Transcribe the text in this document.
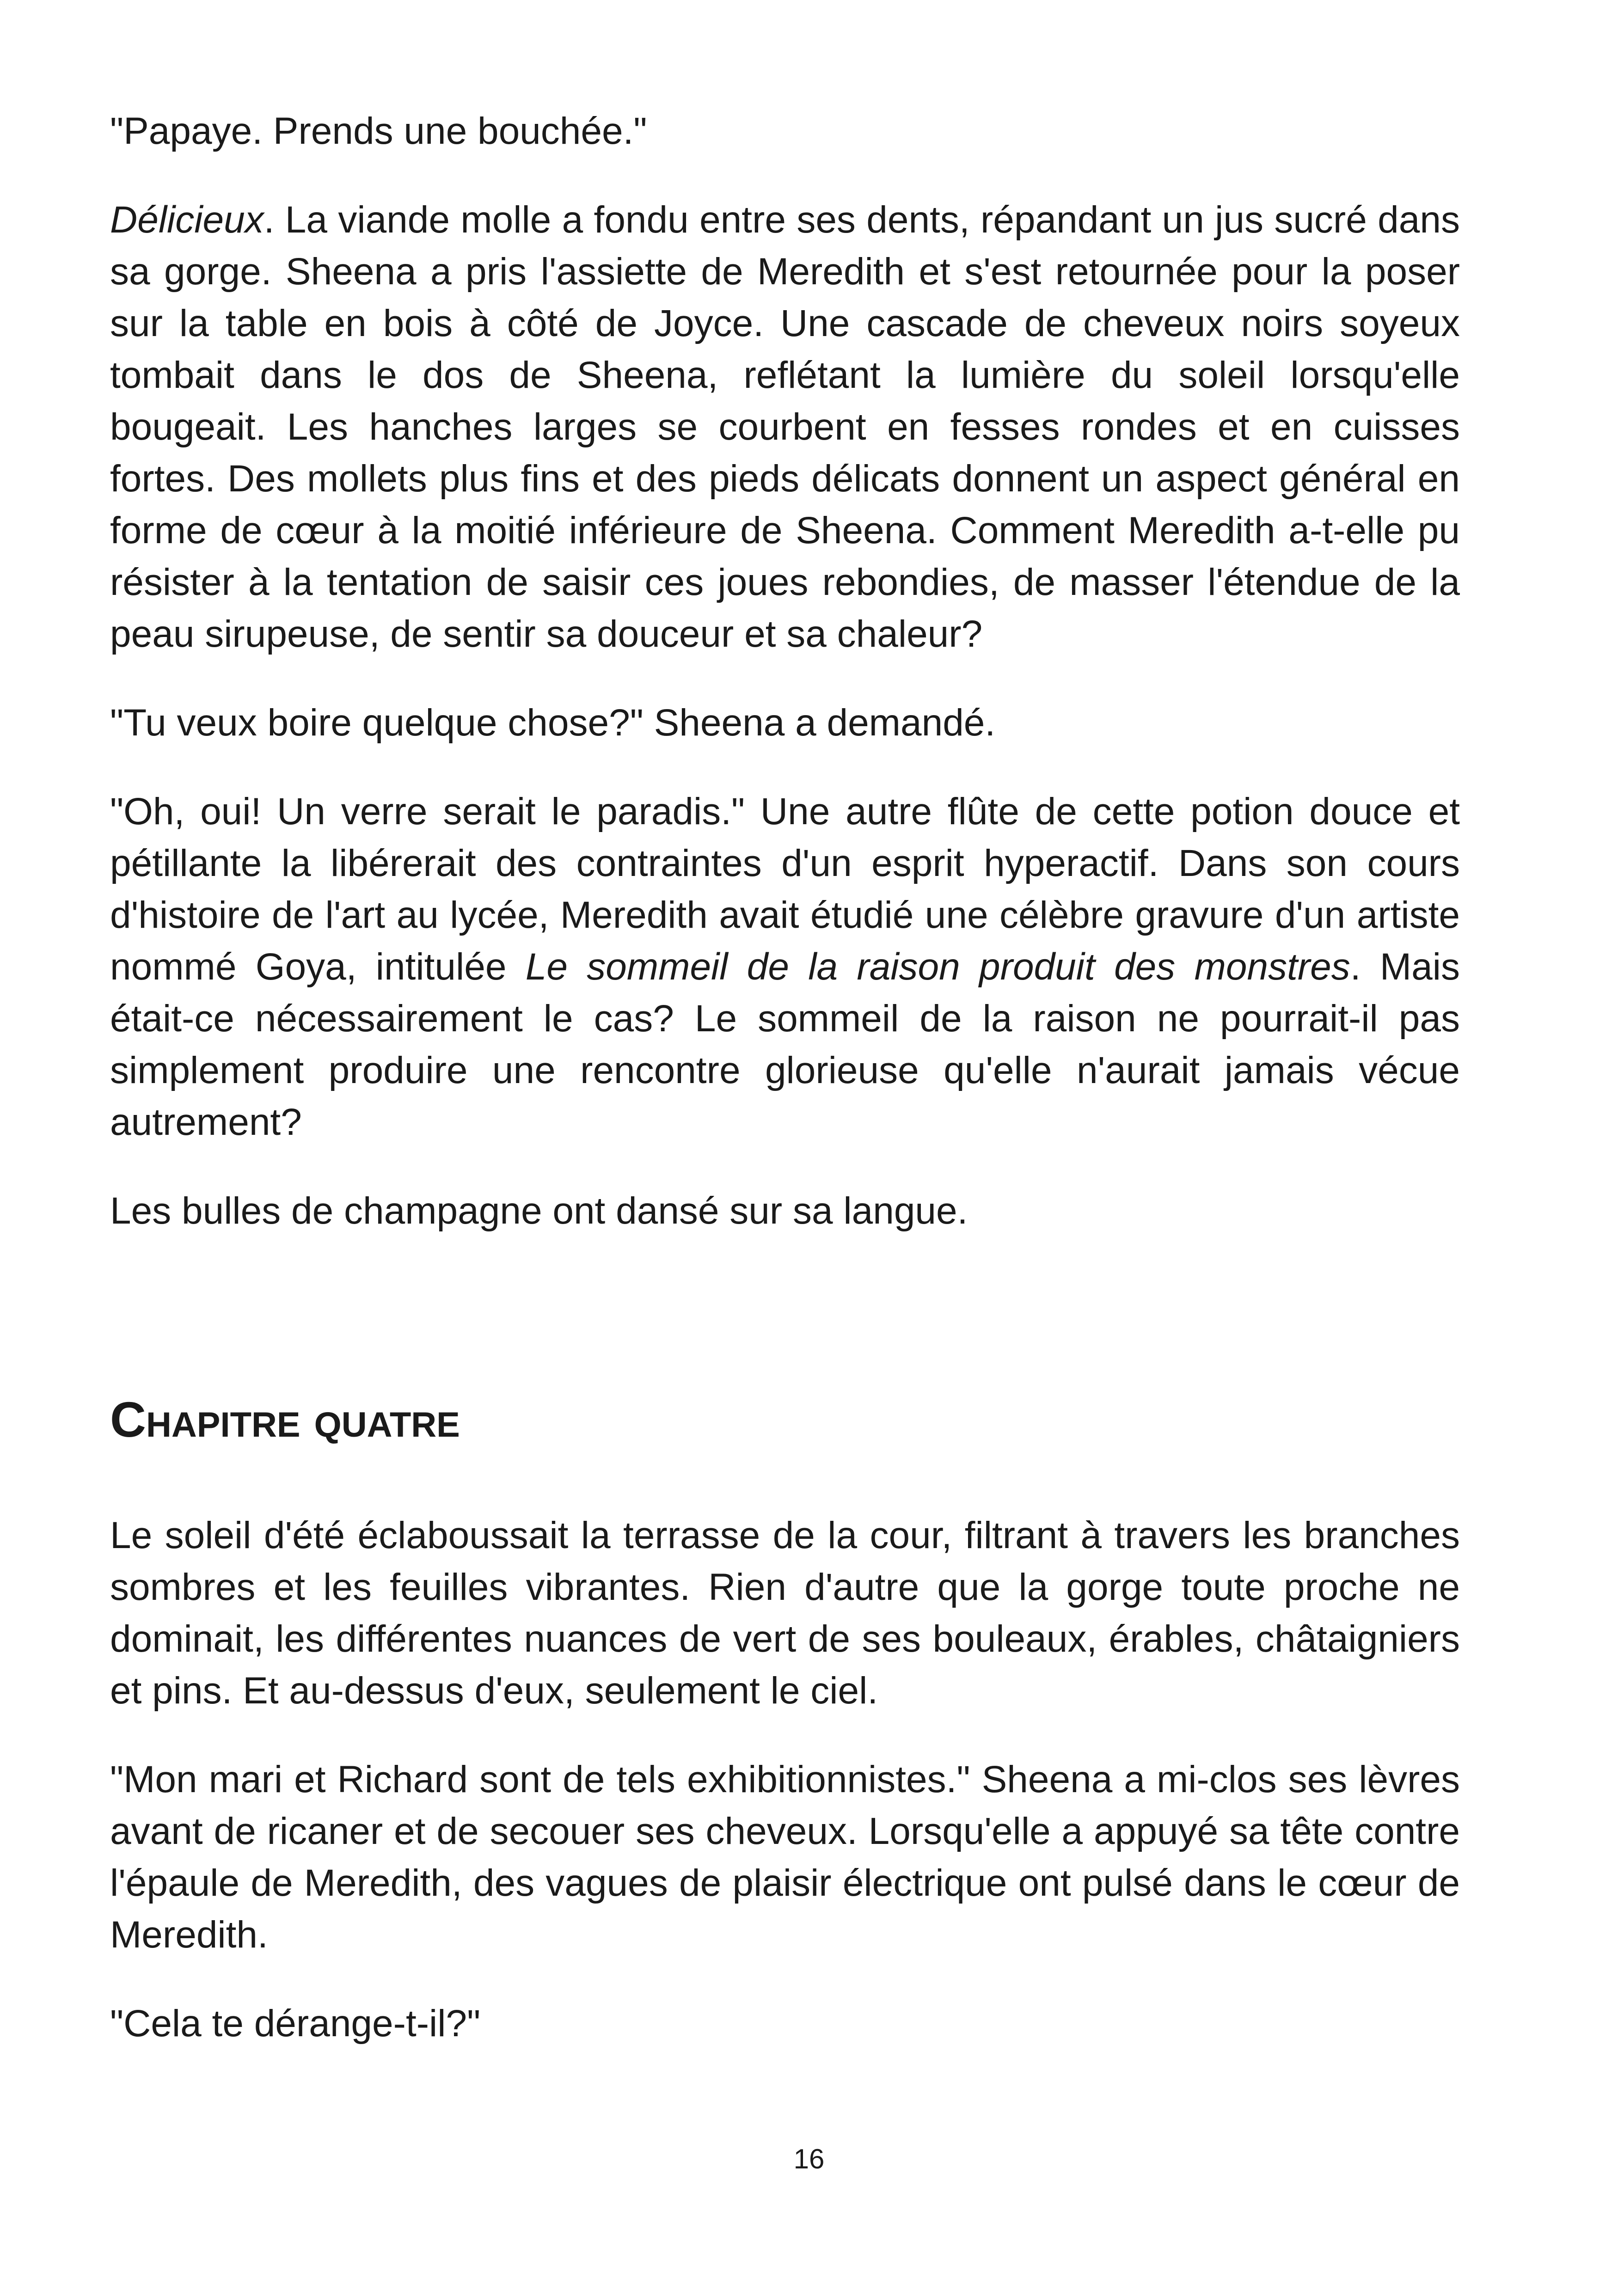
"Papaye. Prends une bouchée."

Délicieux. La viande molle a fondu entre ses dents, répandant un jus sucré dans sa gorge. Sheena a pris l'assiette de Meredith et s'est retournée pour la poser sur la table en bois à côté de Joyce. Une cascade de cheveux noirs soyeux tombait dans le dos de Sheena, reflétant la lumière du soleil lorsqu'elle bougeait. Les hanches larges se courbent en fesses rondes et en cuisses fortes. Des mollets plus fins et des pieds délicats donnent un aspect général en forme de cœur à la moitié inférieure de Sheena. Comment Meredith a-t-elle pu résister à la tentation de saisir ces joues rebondies, de masser l'étendue de la peau sirupeuse, de sentir sa douceur et sa chaleur?

"Tu veux boire quelque chose?" Sheena a demandé.

"Oh, oui! Un verre serait le paradis." Une autre flûte de cette potion douce et pétillante la libérerait des contraintes d'un esprit hyperactif. Dans son cours d'histoire de l'art au lycée, Meredith avait étudié une célèbre gravure d'un artiste nommé Goya, intitulée Le sommeil de la raison produit des monstres. Mais était-ce nécessairement le cas? Le sommeil de la raison ne pourrait-il pas simplement produire une rencontre glorieuse qu'elle n'aurait jamais vécue autrement?

Les bulles de champagne ont dansé sur sa langue.

Chapitre quatre

Le soleil d'été éclaboussait la terrasse de la cour, filtrant à travers les branches sombres et les feuilles vibrantes. Rien d'autre que la gorge toute proche ne dominait, les différentes nuances de vert de ses bouleaux, érables, châtaigniers et pins. Et au-dessus d'eux, seulement le ciel.

"Mon mari et Richard sont de tels exhibitionnistes." Sheena a mi-clos ses lèvres avant de ricaner et de secouer ses cheveux. Lorsqu'elle a appuyé sa tête contre l'épaule de Meredith, des vagues de plaisir électrique ont pulsé dans le cœur de Meredith.

"Cela te dérange-t-il?"

16
